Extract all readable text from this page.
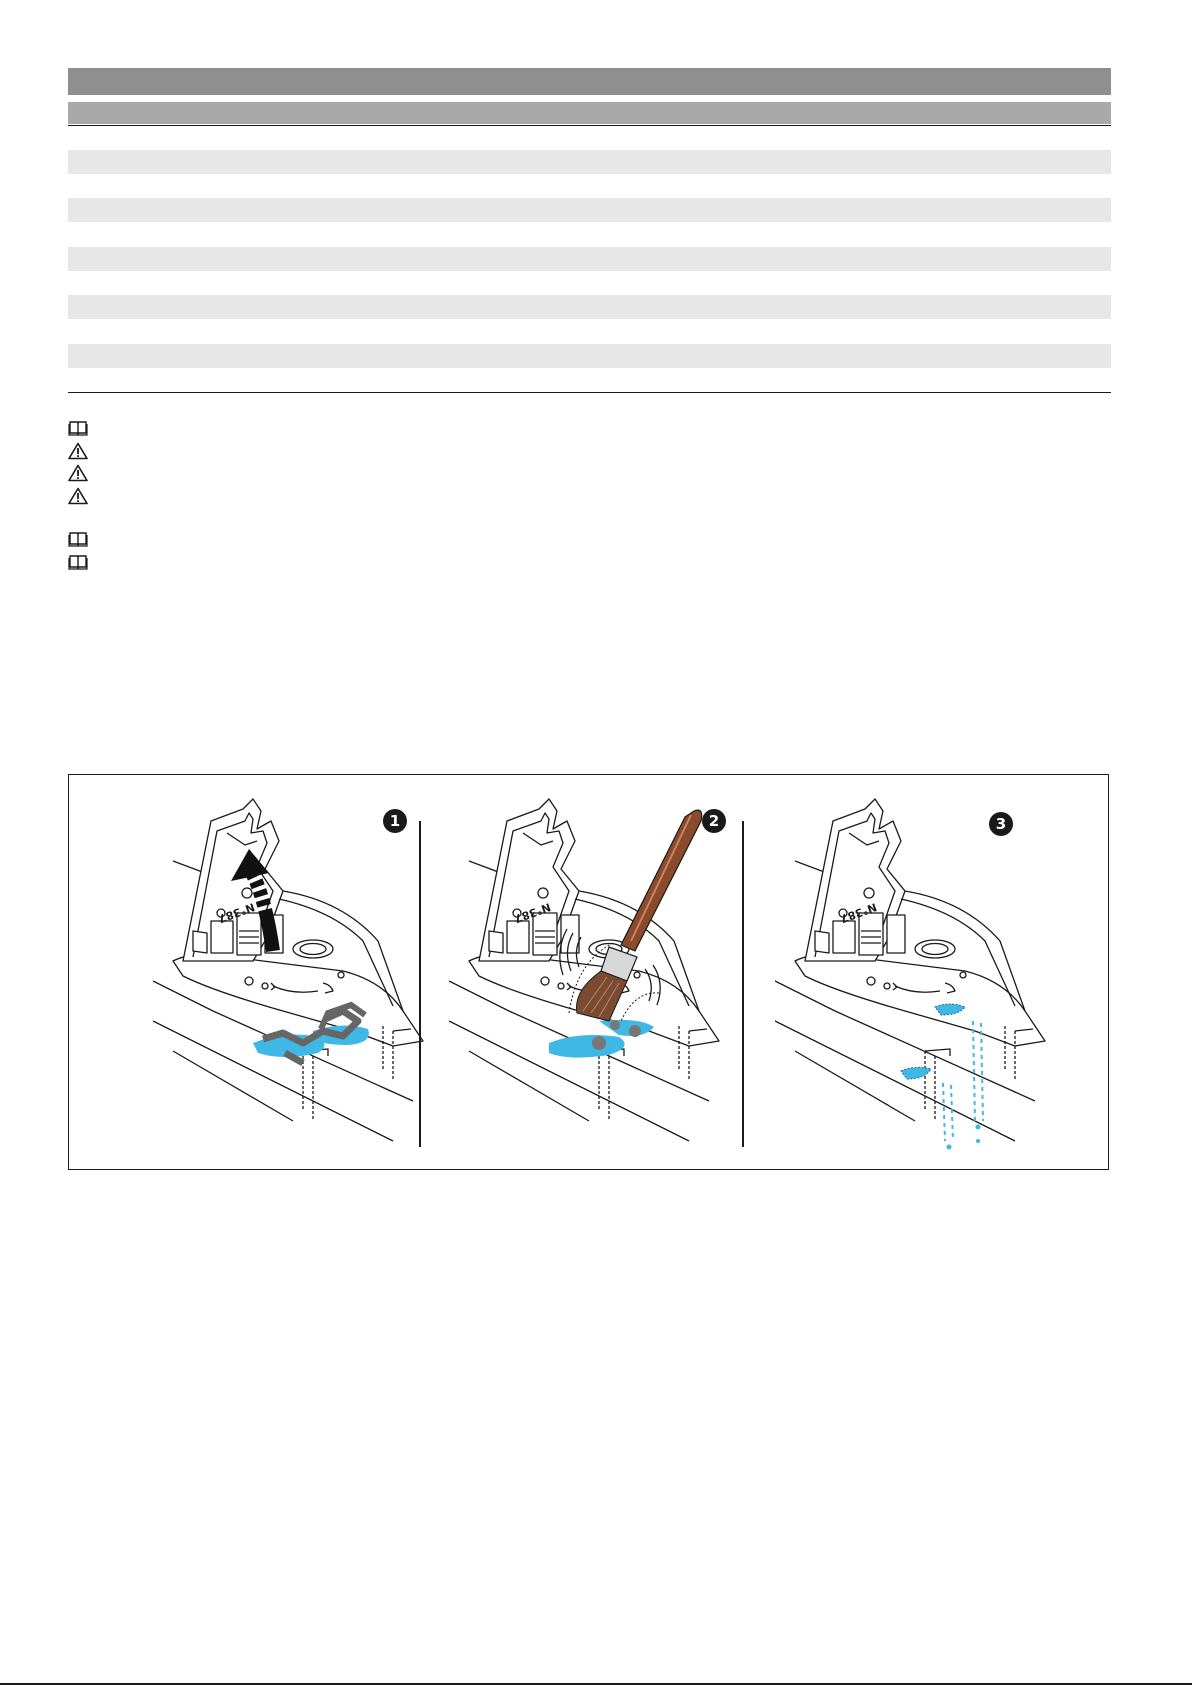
N°387
1
N°387
2
N°387
3
